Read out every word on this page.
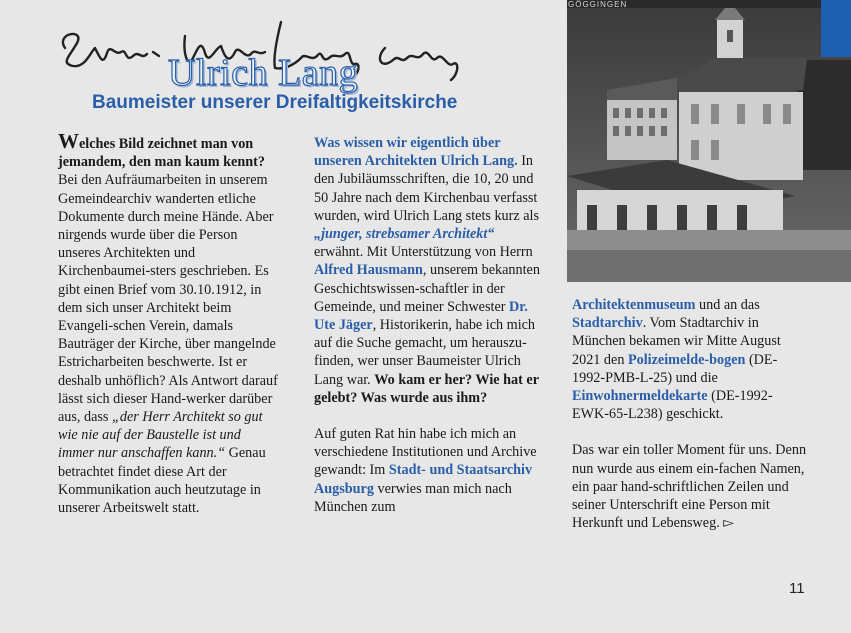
Ulrich Lang
Baumeister unserer Dreifaltigkeitskirche
GÖGGINGEN

Welches Bild zeichnet man von jemandem, den man kaum kennt? Bei den Aufräumarbeiten in unserem Gemeindearchiv wanderten etliche Dokumente durch meine Hände. Aber nirgends wurde über die Person unseres Architekten und Kirchenbaumei-sters geschrieben. Es gibt einen Brief vom 30.10.1912, in dem sich unser Architekt beim Evangeli-schen Verein, damals Bauträger der Kirche, über mangelnde Estricharbeiten beschwerte. Ist er deshalb unhöflich? Als Antwort darauf lässt sich dieser Hand-werker darüber aus, dass „der Herr Architekt so gut wie nie auf der Baustelle ist und immer nur anschaffen kann.“ Genau betrachtet findet diese Art der Kommunikation auch heutzutage in unserer Arbeitswelt statt.

Was wissen wir eigentlich über unseren Architekten Ulrich Lang. In den Jubiläumsschriften, die 10, 20 und 50 Jahre nach dem Kirchenbau verfasst wurden, wird Ulrich Lang stets kurz als „junger, strebsamer Architekt“ erwähnt. Mit Unterstützung von Herrn Alfred Hausmann, unserem bekannten Geschichtswissen-schaftler in der Gemeinde, und meiner Schwester Dr. Ute Jäger, Historikerin, habe ich mich auf die Suche gemacht, um herauszu-finden, wer unser Baumeister Ulrich Lang war. Wo kam er her? Wie hat er gelebt? Was wurde aus ihm?

Auf guten Rat hin habe ich mich an verschiedene Institutionen und Archive gewandt: Im Stadt- und Staatsarchiv Augsburg verwies man mich nach München zum

Architektenmuseum und an das Stadtarchiv. Vom Stadtarchiv in München bekamen wir Mitte August 2021 den Polizeimelde-bogen (DE-1992-PMB-L-25) und die Einwohnermeldekarte (DE-1992-EWK-65-L238) geschickt.

Das war ein toller Moment für uns. Denn nun wurde aus einem ein-fachen Namen, ein paar hand-schriftlichen Zeilen und seiner Unterschrift eine Person mit Herkunft und Lebensweg. ▻

11
